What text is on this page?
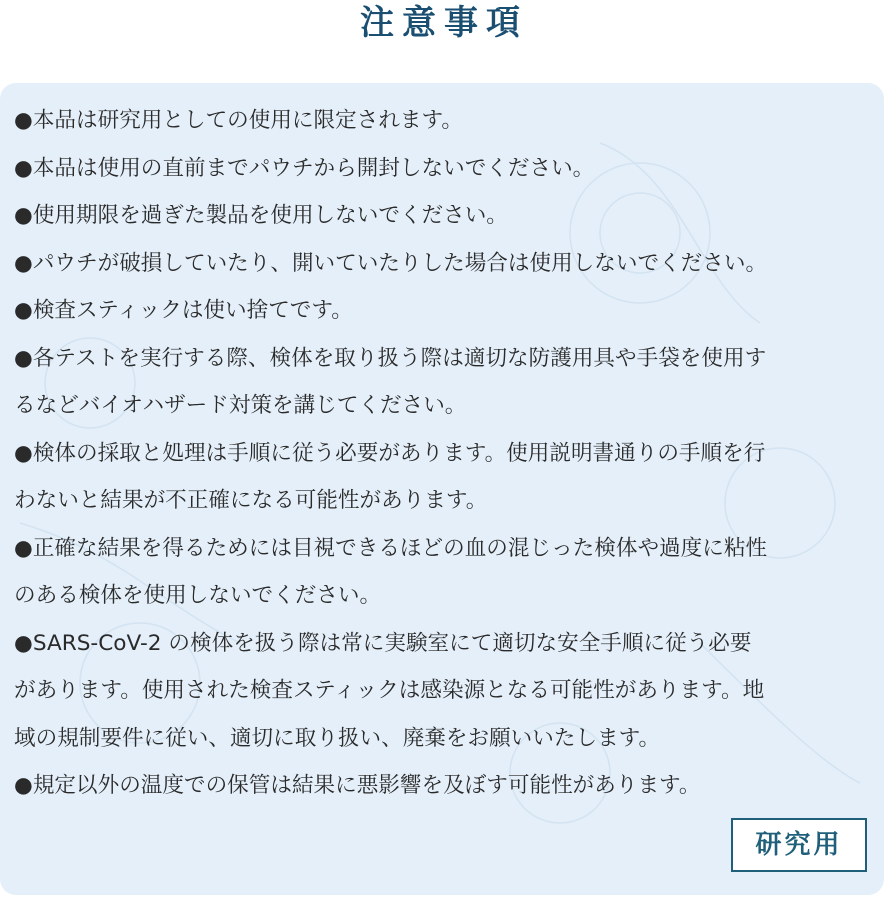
注意事項
●本品は研究用としての使用に限定されます。
●本品は使用の直前までパウチから開封しないでください。
●使用期限を過ぎた製品を使用しないでください。
●パウチが破損していたり、開いていたりした場合は使用しないでください。
●検査スティックは使い捨てです。
●各テストを実行する際、検体を取り扱う際は適切な防護用具や手袋を使用す
るなどバイオハザード対策を講じてください。
●検体の採取と処理は手順に従う必要があります。使用説明書通りの手順を行
わないと結果が不正確になる可能性があります。
●正確な結果を得るためには目視できるほどの血の混じった検体や過度に粘性
のある検体を使用しないでください。
●SARS-CoV-2 の検体を扱う際は常に実験室にて適切な安全手順に従う必要
があります。使用された検査スティックは感染源となる可能性があります。地
域の規制要件に従い、適切に取り扱い、廃棄をお願いいたします。
●規定以外の温度での保管は結果に悪影響を及ぼす可能性があります。
研究用
